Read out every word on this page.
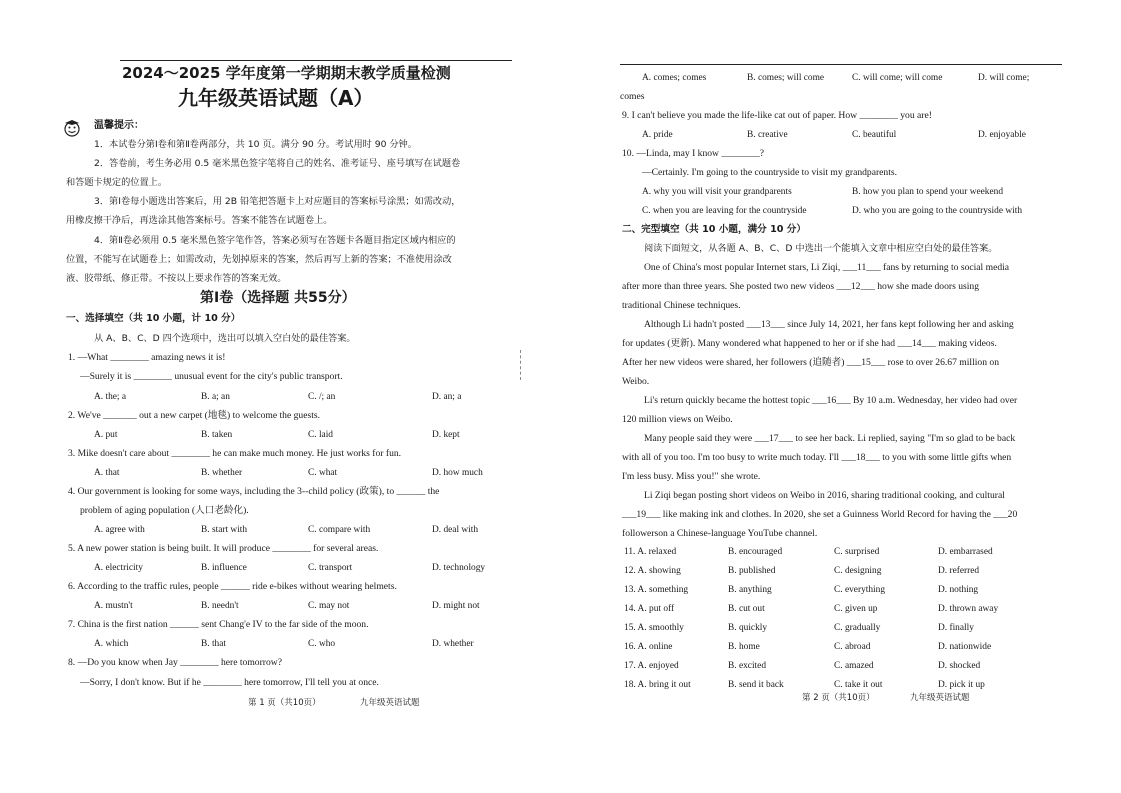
2024～2025 学年度第一学期期末教学质量检测
九年级英语试题（A）
温馨提示：
1．本试卷分第Ⅰ卷和第Ⅱ卷两部分，共 10 页。满分 90 分。考试用时 90 分钟。
2．答卷前，考生务必用 0.5 毫米黑色签字笔将自己的姓名、准考证号、座号填写在试题卷
和答题卡规定的位置上。
3．第Ⅰ卷每小题选出答案后，用 2B 铅笔把答题卡上对应题目的答案标号涂黑；如需改动，
用橡皮擦干净后，再选涂其他答案标号。答案不能答在试题卷上。
4．第Ⅱ卷必须用 0.5 毫米黑色签字笔作答，答案必须写在答题卡各题目指定区域内相应的
位置，不能写在试题卷上；如需改动，先划掉原来的答案，然后再写上新的答案；不准使用涂改
液、胶带纸、修正带。不按以上要求作答的答案无效。
第Ⅰ卷（选择题 共55分）
一、选择填空（共 10 小题，计 10 分）
从 A、B、C、D 四个选项中，选出可以填入空白处的最佳答案。
1. —What ________ amazing news it is!
—Surely it is ________ unusual event for the city's public transport.
A. the; a	B. a; an	C. /; an	D. an; a
2. We've _______ out a new carpet (地毯) to welcome the guests.
A. put	B. taken	C. laid	D. kept
3. Mike doesn't care about ________ he can make much money. He just works for fun.
A. that	B. whether	C. what	D. how much
4. Our government is looking for some ways, including the 3--child policy (政策), to ______ the
problem of aging population (人口老龄化).
A. agree with	B. start with	C. compare with	D. deal with
5. A new power station is being built. It will produce ________ for several areas.
A. electricity	B. influence	C. transport	D. technology
6. According to the traffic rules, people ______ ride e-bikes without wearing helmets.
A. mustn't	B. needn't	C. may not	D. might not
7. China is the first nation ______ sent Chang'e IV to the far side of the moon.
A. which	B. that	C. who	D. whether
8. —Do you know when Jay ________ here tomorrow?
—Sorry, I don't know. But if he ________ here tomorrow, I'll tell you at once.
第 1 页（共10页）	九年级英语试题
A. comes; comes	B. comes; will come	C. will come; will come	D. will come;
comes
9. I can't believe you made the life-like cat out of paper. How ________ you are!
A. pride	B. creative	C. beautiful	D. enjoyable
10. —Linda, may I know ________?
—Certainly. I'm going to the countryside to visit my grandparents.
A. why you will visit your grandparents	B. how you plan to spend your weekend
C. when you are leaving for the countryside	D. who you are going to the countryside with
二、完型填空（共 10 小题，满分 10 分）
阅读下面短文，从各题 A、B、C、D 中选出一个能填入文章中相应空白处的最佳答案。
One of China's most popular Internet stars, Li Ziqi, ___11___ fans by returning to social media
after more than three years. She posted two new videos ___12___ how she made doors using
traditional Chinese techniques.
Although Li hadn't posted ___13___ since July 14, 2021, her fans kept following her and asking
for updates (更新). Many wondered what happened to her or if she had ___14___ making videos.
After her new videos were shared, her followers (追随者) ___15___ rose to over 26.67 million on
Weibo.
Li's return quickly became the hottest topic ___16___ By 10 a.m. Wednesday, her video had over
120 million views on Weibo.
Many people said they were ___17___ to see her back. Li replied, saying "I'm so glad to be back
with all of you too. I'm too busy to write much today. I'll ___18___ to you with some little gifts when
I'm less busy. Miss you!" she wrote.
Li Ziqi began posting short videos on Weibo in 2016, sharing traditional cooking, and cultural
___19___ like making ink and clothes. In 2020, she set a Guinness World Record for having the ___20
followerson a Chinese-language YouTube channel.
11. A. relaxed	B. encouraged	C. surprised	D. embarrased
12. A. showing	B. published	C. designing	D. referred
13. A. something	B. anything	C. everything	D. nothing
14. A. put off	B. cut out	C. given up	D. thrown away
15. A. smoothly	B. quickly	C. gradually	D. finally
16. A. online	B. home	C. abroad	D. nationwide
17. A. enjoyed	B. excited	C. amazed	D. shocked
18. A. bring it out	B. send it back	C. take it out	D. pick it up
第 2 页（共10页）	九年级英语试题
